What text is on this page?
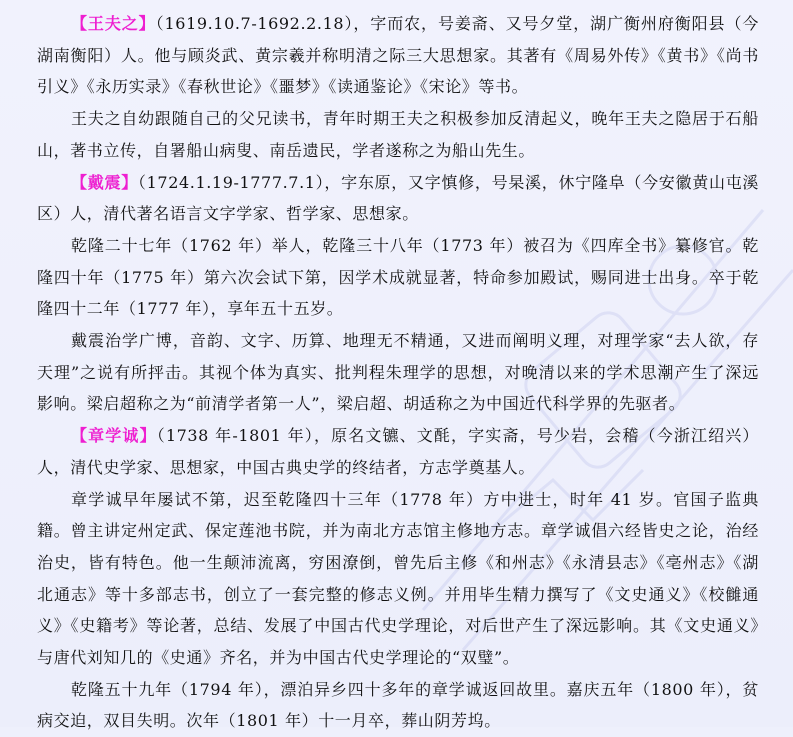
【王夫之】（1619.10.7-1692.2.18），字而农，号姜斋、又号夕堂，湖广衡州府衡阳县（今湖南衡阳）人。他与顾炎武、黄宗羲并称明清之际三大思想家。其著有《周易外传》《黄书》《尚书引义》《永历实录》《春秋世论》《噩梦》《读通鉴论》《宋论》等书。

王夫之自幼跟随自己的父兄读书，青年时期王夫之积极参加反清起义，晚年王夫之隐居于石船山，著书立传，自署船山病叟、南岳遗民，学者遂称之为船山先生。

【戴震】（1724.1.19-1777.7.1），字东原，又字慎修，号杲溪，休宁隆阜（今安徽黄山屯溪区）人，清代著名语言文字学家、哲学家、思想家。

乾隆二十七年（1762 年）举人，乾隆三十八年（1773 年）被召为《四库全书》纂修官。乾隆四十年（1775 年）第六次会试下第，因学术成就显著，特命参加殿试，赐同进士出身。卒于乾隆四十二年（1777 年），享年五十五岁。

戴震治学广博，音韵、文字、历算、地理无不精通，又进而阐明义理，对理学家“去人欲，存天理”之说有所抨击。其视个体为真实、批判程朱理学的思想，对晚清以来的学术思潮产生了深远影响。梁启超称之为“前清学者第一人”，梁启超、胡适称之为中国近代科学界的先驱者。

【章学诚】（1738 年-1801 年），原名文镳、文酕，字实斋，号少岩，会稽（今浙江绍兴）人，清代史学家、思想家，中国古典史学的终结者，方志学奠基人。

章学诚早年屡试不第，迟至乾隆四十三年（1778 年）方中进士，时年 41 岁。官国子监典籍。曾主讲定州定武、保定莲池书院，并为南北方志馆主修地方志。章学诚倡六经皆史之论，治经治史，皆有特色。他一生颠沛流离，穷困潦倒，曾先后主修《和州志》《永清县志》《亳州志》《湖北通志》等十多部志书，创立了一套完整的修志义例。并用毕生精力撰写了《文史通义》《校雠通义》《史籍考》等论著，总结、发展了中国古代史学理论，对后世产生了深远影响。其《文史通义》与唐代刘知几的《史通》齐名，并为中国古代史学理论的“双璧”。

乾隆五十九年（1794 年），漂泊异乡四十多年的章学诚返回故里。嘉庆五年（1800 年），贫病交迫，双目失明。次年（1801 年）十一月卒，葬山阴芳坞。
